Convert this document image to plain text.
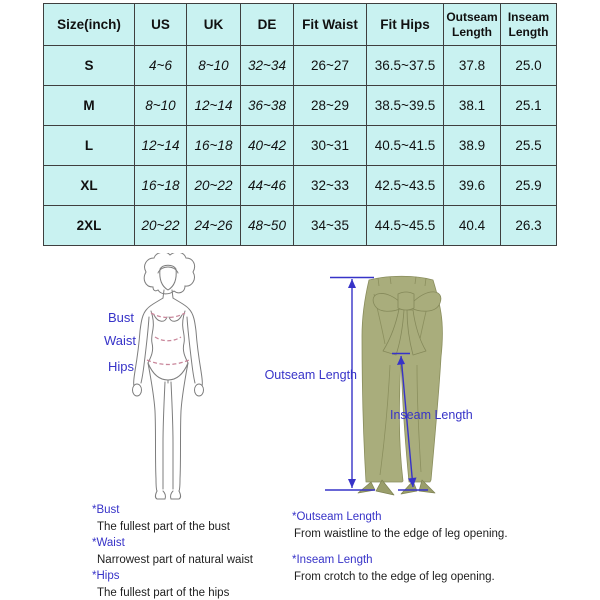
Size(inch)	US	UK	DE	Fit Waist	Fit Hips	Outseam Length	Inseam Length
S	4~6	8~10	32~34	26~27	36.5~37.5	37.8	25.0
M	8~10	12~14	36~38	28~29	38.5~39.5	38.1	25.1
L	12~14	16~18	40~42	30~31	40.5~41.5	38.9	25.5
XL	16~18	20~22	44~46	32~33	42.5~43.5	39.6	25.9
2XL	20~22	24~26	48~50	34~35	44.5~45.5	40.4	26.3
Bust
Waist
Hips
Outseam Length
Inseam Length
*Bust
The fullest part of the bust
*Waist
Narrowest part of natural waist
*Hips
The fullest part of the hips
*Outseam Length
From waistline to the edge of leg opening.
*Inseam Length
From crotch to the edge of leg opening.
